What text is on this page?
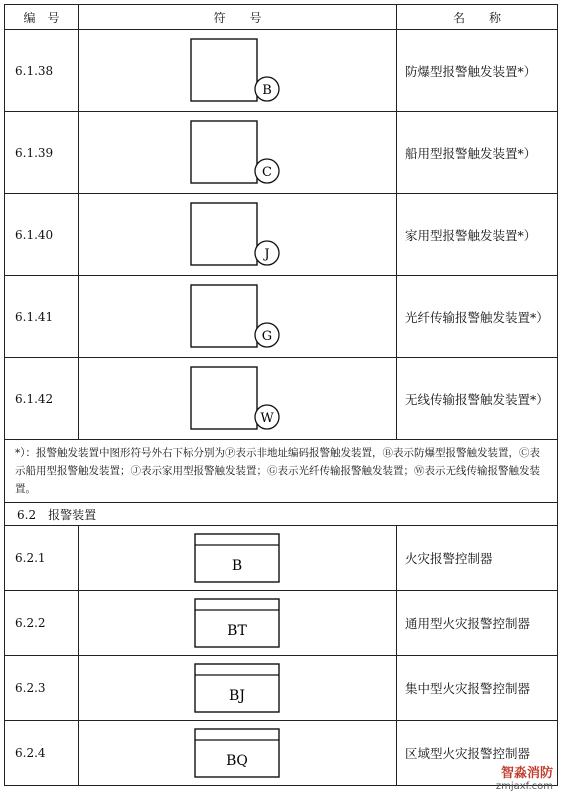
编　号	符　　号	名　　称
6.1.38	B	防爆型报警触发装置*）
6.1.39	C	船用型报警触发装置*）
6.1.40	J	家用型报警触发装置*）
6.1.41	G	光纤传输报警触发装置*）
6.1.42	W	无线传输报警触发装置*）
*）：报警触发装置中图形符号外右下标分别为Ⓟ表示非地址编码报警触发装置，Ⓑ表示防爆型报警触发装置，Ⓒ表示船用型报警触发装置；Ⓙ表示家用型报警触发装置；Ⓖ表示光纤传输报警触发装置；Ⓦ表示无线传输报警触发装置。		
6.2　报警装置		
6.2.1	B	火灾报警控制器
6.2.2	BT	通用型火灾报警控制器
6.2.3	BJ	集中型火灾报警控制器
6.2.4	BQ	区域型火灾报警控制器
智淼消防
zmjaxf.com
